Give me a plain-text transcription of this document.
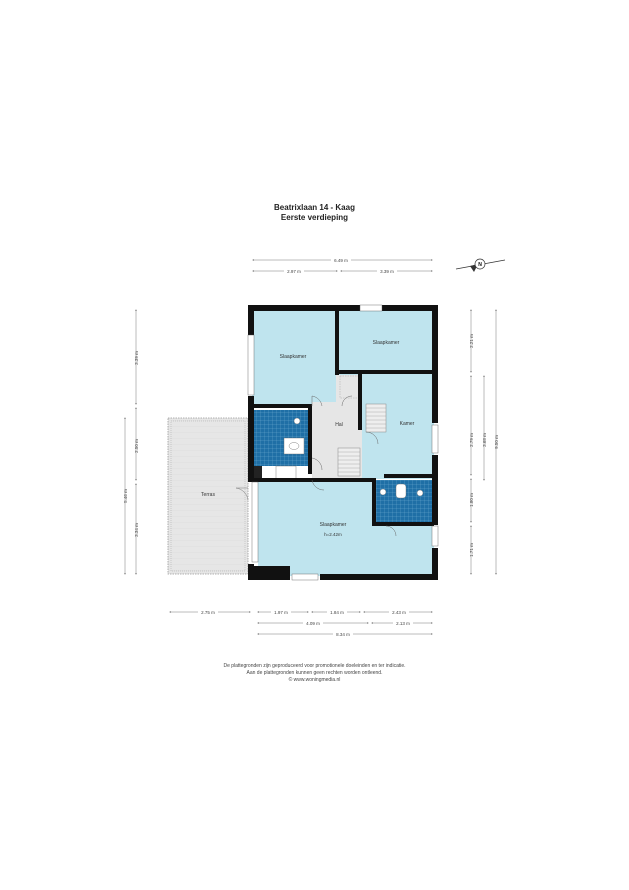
Beatrixlaan 14 - Kaag
Eerste verdieping
Slaapkamer
Slaapkamer
Hal	Kamer
Terras
Slaapkamer
h=2.42m
N
6.49 m
2.97 m	3.39 m
3.39 m
2.50 m
3.34 m
5.46 m
2.21 m
2.79 m
1.80 m
1.71 m
3.68 m 9.50 m
2.75 m	1.97 m	1.84 m	2.43 m
4.09 m	2.13 m
8.34 m
De plattegronden zijn geproduceerd voor promotionele doeleinden en ter indicatie.
Aan de plattegronden kunnen geen rechten worden ontleend.
© www.woningmedia.nl
